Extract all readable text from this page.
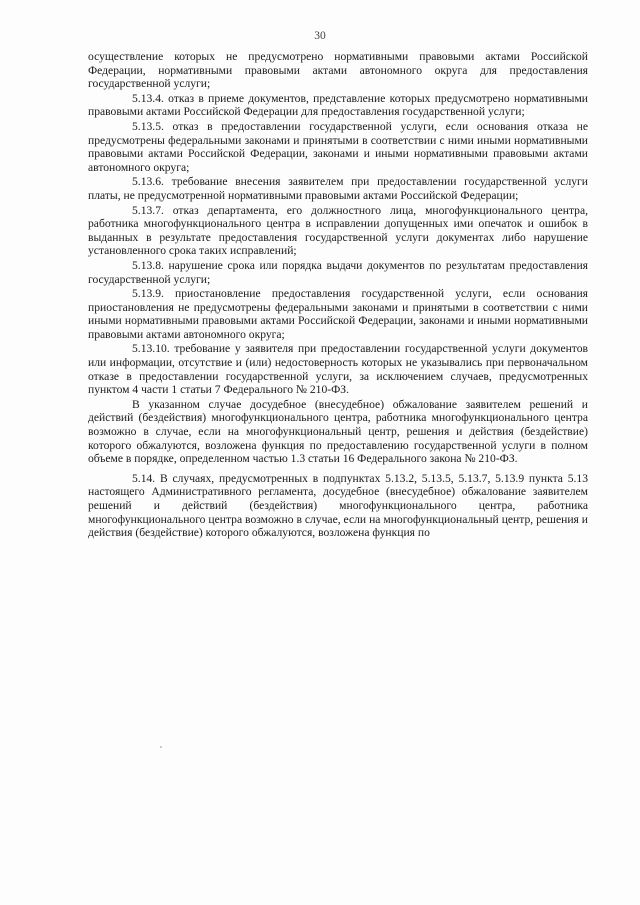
30

осуществление которых не предусмотрено нормативными правовыми актами Российской Федерации, нормативными правовыми актами автономного округа для предоставления государственной услуги;

5.13.4. отказ в приеме документов, представление которых предусмотрено нормативными правовыми актами Российской Федерации для предоставления государственной услуги;

5.13.5. отказ в предоставлении государственной услуги, если основания отказа не предусмотрены федеральными законами и принятыми в соответствии с ними иными нормативными правовыми актами Российской Федерации, законами и иными нормативными правовыми актами автономного округа;

5.13.6. требование внесения заявителем при предоставлении государственной услуги платы, не предусмотренной нормативными правовыми актами Российской Федерации;

5.13.7. отказ департамента, его должностного лица, многофункционального центра, работника многофункционального центра в исправлении допущенных ими опечаток и ошибок в выданных в результате предоставления государственной услуги документах либо нарушение установленного срока таких исправлений;

5.13.8. нарушение срока или порядка выдачи документов по результатам предоставления государственной услуги;

5.13.9. приостановление предоставления государственной услуги, если основания приостановления не предусмотрены федеральными законами и принятыми в соответствии с ними иными нормативными правовыми актами Российской Федерации, законами и иными нормативными правовыми актами автономного округа;

5.13.10. требование у заявителя при предоставлении государственной услуги документов или информации, отсутствие и (или) недостоверность которых не указывались при первоначальном отказе в предоставлении государственной услуги, за исключением случаев, предусмотренных пунктом 4 части 1 статьи 7 Федерального № 210-ФЗ.

В указанном случае досудебное (внесудебное) обжалование заявителем решений и действий (бездействия) многофункционального центра, работника многофункционального центра возможно в случае, если на многофункциональный центр, решения и действия (бездействие) которого обжалуются, возложена функция по предоставлению государственной услуги в полном объеме в порядке, определенном частью 1.3 статьи 16 Федерального закона № 210-ФЗ.

5.14. В случаях, предусмотренных в подпунктах 5.13.2, 5.13.5, 5.13.7, 5.13.9 пункта 5.13 настоящего Административного регламента, досудебное (внесудебное) обжалование заявителем решений и действий (бездействия) многофункционального центра, работника многофункционального центра возможно в случае, если на многофункциональный центр, решения и действия (бездействие) которого обжалуются, возложена функция по
